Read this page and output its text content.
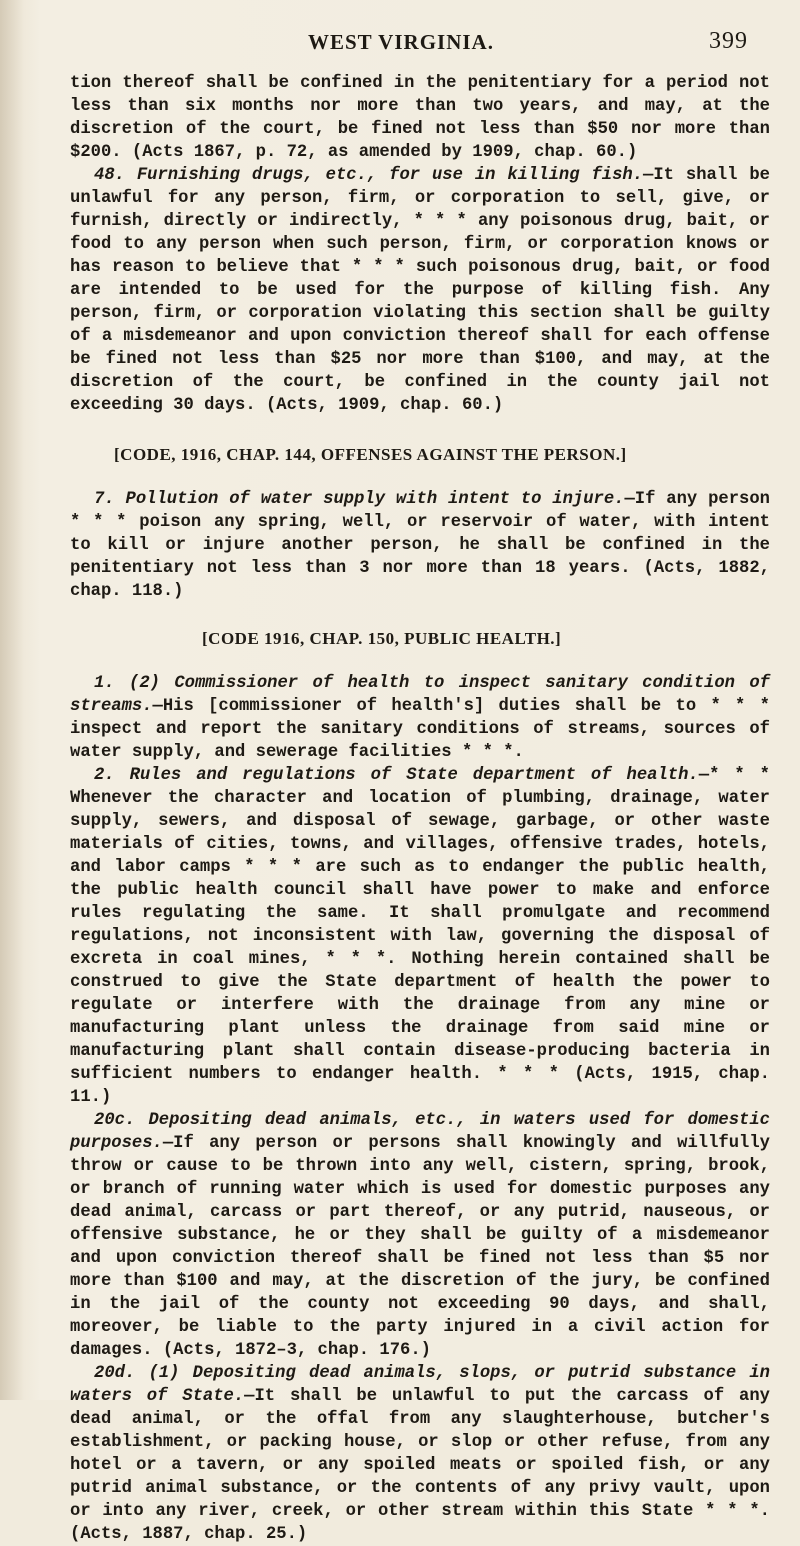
WEST VIRGINIA.	399

tion thereof shall be confined in the penitentiary for a period not less than six months nor more than two years, and may, at the discretion of the court, be fined not less than $50 nor more than $200. (Acts 1867, p. 72, as amended by 1909, chap. 60.)

48. Furnishing drugs, etc., for use in killing fish.—It shall be unlawful for any person, firm, or corporation to sell, give, or furnish, directly or indirectly, * * * any poisonous drug, bait, or food to any person when such person, firm, or corporation knows or has reason to believe that * * * such poisonous drug, bait, or food are intended to be used for the purpose of killing fish. Any person, firm, or corporation violating this section shall be guilty of a misdemeanor and upon conviction thereof shall for each offense be fined not less than $25 nor more than $100, and may, at the discretion of the court, be confined in the county jail not exceeding 30 days. (Acts, 1909, chap. 60.)

[CODE, 1916, CHAP. 144, OFFENSES AGAINST THE PERSON.]

7. Pollution of water supply with intent to injure.—If any person * * * poison any spring, well, or reservoir of water, with intent to kill or injure another person, he shall be confined in the penitentiary not less than 3 nor more than 18 years. (Acts, 1882, chap. 118.)

[CODE 1916, CHAP. 150, PUBLIC HEALTH.]

1. (2) Commissioner of health to inspect sanitary condition of streams.—His [commissioner of health's] duties shall be to * * * inspect and report the sanitary conditions of streams, sources of water supply, and sewerage facilities * * *.

2. Rules and regulations of State department of health.—* * * Whenever the character and location of plumbing, drainage, water supply, sewers, and disposal of sewage, garbage, or other waste materials of cities, towns, and villages, offensive trades, hotels, and labor camps * * * are such as to endanger the public health, the public health council shall have power to make and enforce rules regulating the same. It shall promulgate and recommend regulations, not inconsistent with law, governing the disposal of excreta in coal mines, * * *. Nothing herein contained shall be construed to give the State department of health the power to regulate or interfere with the drainage from any mine or manufacturing plant unless the drainage from said mine or manufacturing plant shall contain disease-producing bacteria in sufficient numbers to endanger health. * * * (Acts, 1915, chap. 11.)

20c. Depositing dead animals, etc., in waters used for domestic purposes.—If any person or persons shall knowingly and willfully throw or cause to be thrown into any well, cistern, spring, brook, or branch of running water which is used for domestic purposes any dead animal, carcass or part thereof, or any putrid, nauseous, or offensive substance, he or they shall be guilty of a misdemeanor and upon conviction thereof shall be fined not less than $5 nor more than $100 and may, at the discretion of the jury, be confined in the jail of the county not exceeding 90 days, and shall, moreover, be liable to the party injured in a civil action for damages. (Acts, 1872–3, chap. 176.)

20d. (1) Depositing dead animals, slops, or putrid substance in waters of State.—It shall be unlawful to put the carcass of any dead animal, or the offal from any slaughterhouse, butcher's establishment, or packing house, or slop or other refuse, from any hotel or a tavern, or any spoiled meats or spoiled fish, or any putrid animal substance, or the contents of any privy vault, upon or into any river, creek, or other stream within this State * * *. (Acts, 1887, chap. 25.)
